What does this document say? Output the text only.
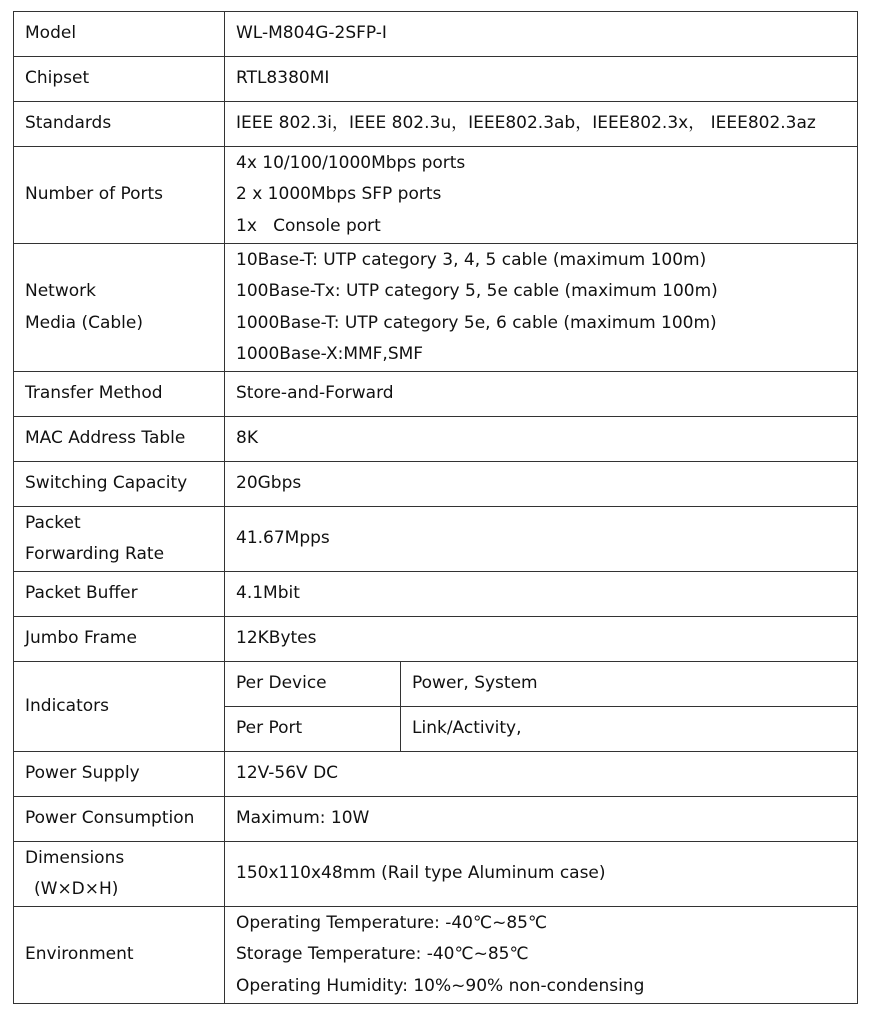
Model	WL-M804G-2SFP-I	
Chipset	RTL8380MI	
Standards	IEEE 802.3i，IEEE 802.3u，IEEE802.3ab，IEEE802.3x， IEEE802.3az	
Number of Ports	4x 10/100/1000Mbps ports
2 x 1000Mbps SFP ports
1x   Console port	

Network
Media (Cable)	10Base-T: UTP category 3, 4, 5 cable (maximum 100m)
100Base-Tx: UTP category 5, 5e cable (maximum 100m)
1000Base-T: UTP category 5e, 6 cable (maximum 100m)
1000Base-X:MMF,SMF	

Transfer Method	Store-and-Forward	
MAC Address Table	8K	
Switching Capacity	20Gbps	

Packet
Forwarding Rate	41.67Mpps	
Packet Buffer	4.1Mbit	
Jumbo Frame	12KBytes	
Indicators	Per Device	Power, System
	Per Port	Link/Activity,
Power Supply	12V-56V DC	
Power Consumption	Maximum: 10W	

Dimensions
(W×D×H)	150x110x48mm (Rail type Aluminum case)	
Environment	Operating Temperature: -40℃~85℃
Storage Temperature: -40℃~85℃
Operating Humidity: 10%~90% non-condensing	
